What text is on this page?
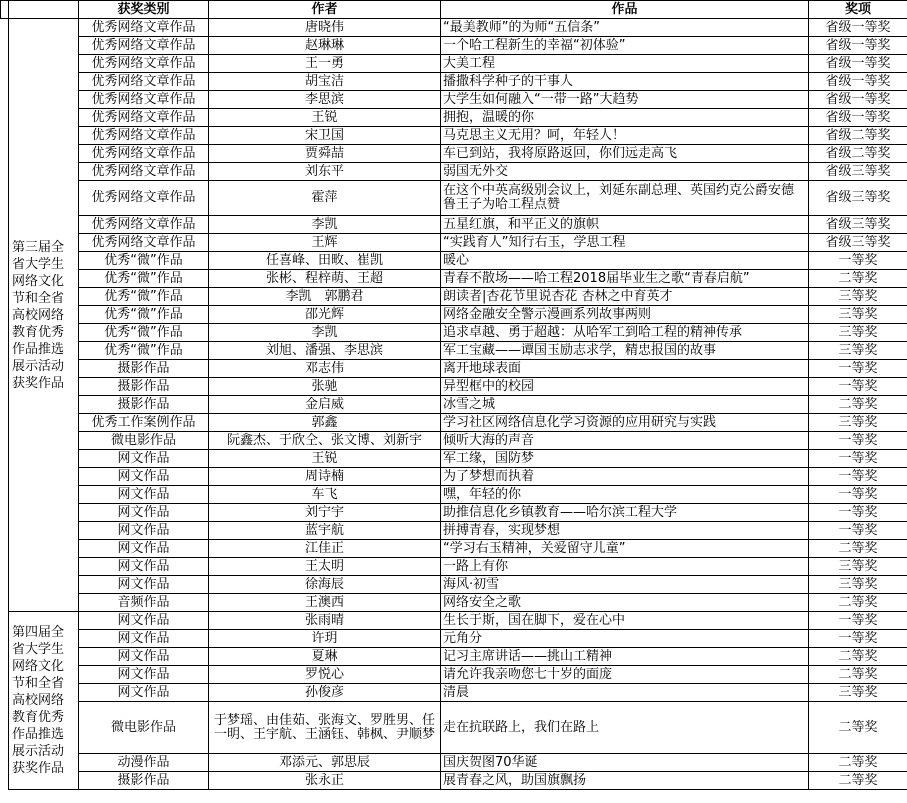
		获奖类别	作者	作品	奖项
	第三届全省大学生网络文化节和全省高校网络教育优秀作品推选展示活动获奖作品	优秀网络文章作品	唐晓伟	“最美教师”的为师“五信条”	省级一等奖
		优秀网络文章作品	赵琳琳	一个哈工程新生的幸福“初体验”	省级一等奖
		优秀网络文章作品	王一勇	大美工程	省级一等奖
		优秀网络文章作品	胡宝洁	播撒科学种子的干事人	省级一等奖
		优秀网络文章作品	李思滨	大学生如何融入“一带一路”大趋势	省级一等奖
		优秀网络文章作品	王锐	拥抱，温暖的你	省级一等奖
		优秀网络文章作品	宋卫国	马克思主义无用？呵，年轻人！	省级二等奖
		优秀网络文章作品	贾舜喆	车已到站，我将原路返回，你们远走高飞	省级二等奖
		优秀网络文章作品	刘东平	弱国无外交	省级三等奖
		优秀网络文章作品	霍萍	在这个中英高级别会议上，刘延东副总理、英国约克公爵安德鲁王子为哈工程点赞	省级三等奖
		优秀网络文章作品	李凯	五星红旗，和平正义的旗帜	省级三等奖
		优秀网络文章作品	王辉	“实践育人”知行右玉，学思工程	省级三等奖
		优秀“微”作品	任喜峰、田畋、崔凯	暖心	一等奖
		优秀“微”作品	张彬、程梓萌、王超	青春不散场——哈工程2018届毕业生之歌“青春启航”	二等奖
		优秀“微”作品	李凯　郭鹏君	朗读者|杏花节里说杏花 杏林之中育英才	三等奖
		优秀“微”作品	邵光辉	网络金融安全警示漫画系列故事两则	三等奖
		优秀“微”作品	李凯	追求卓越、勇于超越：从哈军工到哈工程的精神传承	三等奖
		优秀“微”作品	刘旭、潘强、李思滨	军工宝藏——谭国玉励志求学，精忠报国的故事	三等奖
		摄影作品	邓志伟	离开地球表面	一等奖
		摄影作品	张驰	异型框中的校园	一等奖
		摄影作品	金启威	冰雪之城	二等奖
		优秀工作案例作品	郭鑫	学习社区网络信息化学习资源的应用研究与实践	三等奖
		微电影作品	阮鑫杰、于欣仝、张文博、刘新宇	倾听大海的声音	一等奖
		网文作品	王锐	军工缘，国防梦	一等奖
		网文作品	周诗楠	为了梦想而执着	一等奖
		网文作品	车飞	嘿，年轻的你	一等奖
		网文作品	刘宁宇	助推信息化乡镇教育——哈尔滨工程大学	一等奖
		网文作品	蓝宇航	拼搏青春，实现梦想	一等奖
		网文作品	江佳正	“学习右玉精神，关爱留守儿童”	二等奖
		网文作品	王太明	一路上有你	三等奖
		网文作品	徐海辰	海风·初雪	三等奖
		音频作品	王澳西	网络安全之歌	二等奖
	第四届全省大学生网络文化节和全省高校网络教育优秀作品推选展示活动获奖作品	网文作品	张雨晴	生长于斯，国在脚下，爱在心中	一等奖
		网文作品	许玥	元角分	一等奖
		网文作品	夏琳	记习主席讲话——挑山工精神	二等奖
		网文作品	罗悦心	请允许我亲吻您七十岁的面庞	二等奖
		网文作品	孙俊彦	清晨	三等奖
		微电影作品	于梦瑶、由佳茹、张海文、罗胜男、任一明、王宇航、王涵钰、韩枫、尹顺梦	走在抗联路上，我们在路上	二等奖
		动漫作品	邓添元、郭思辰	国庆贺图70华诞	二等奖
		摄影作品	张永正	展青春之风，助国旗飘扬	二等奖
